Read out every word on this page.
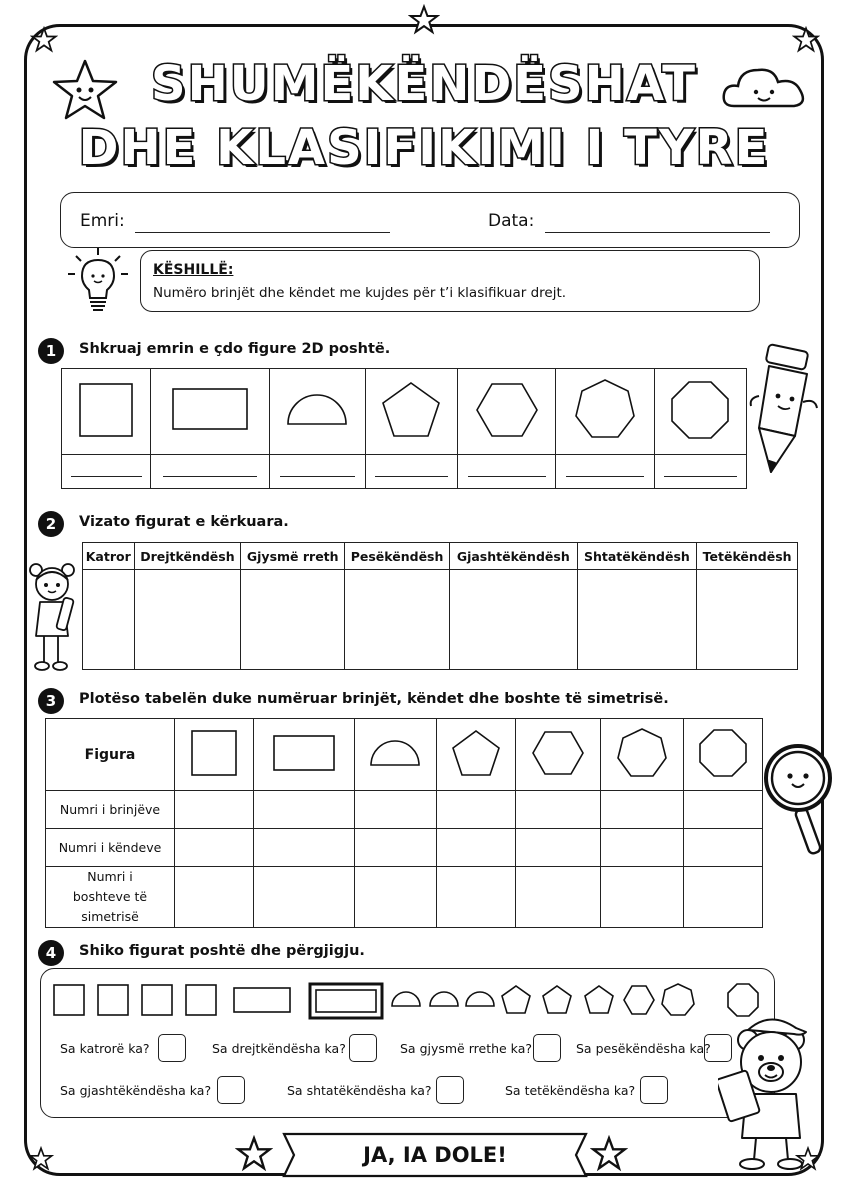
SHUMËKËNDËSHAT
DHE KLASIFIKIMI I TYRE
Emri:	Data:
KËSHILLË:
Numëro brinjët dhe këndet me kujdes për t’i klasifikuar drejt.
1	Shkruaj emrin e çdo figure 2D poshtë.

2	Vizato figurat e kërkuara.
Katror	Drejtkëndësh	Gjysmë rreth	Pesëkëndësh	Gjashtëkëndësh	Shtatëkëndësh	Tetëkëndësh

3	Plotëso tabelën duke numëruar brinjët, këndet dhe boshte të simetrisë.
Figura							
Numri i brinjëve							
Numri i këndeve							
Numri i boshteve të simetrisë							
4	Shiko figurat poshtë dhe përgjigju.
Sa katrorë ka?	Sa drejtkëndësha ka?	Sa gjysmë rrethe ka?	Sa pesëkëndësha ka?
Sa gjashtëkëndësha ka?	Sa shtatëkëndësha ka?	Sa tetëkëndësha ka?
JA, IA DOLE!
